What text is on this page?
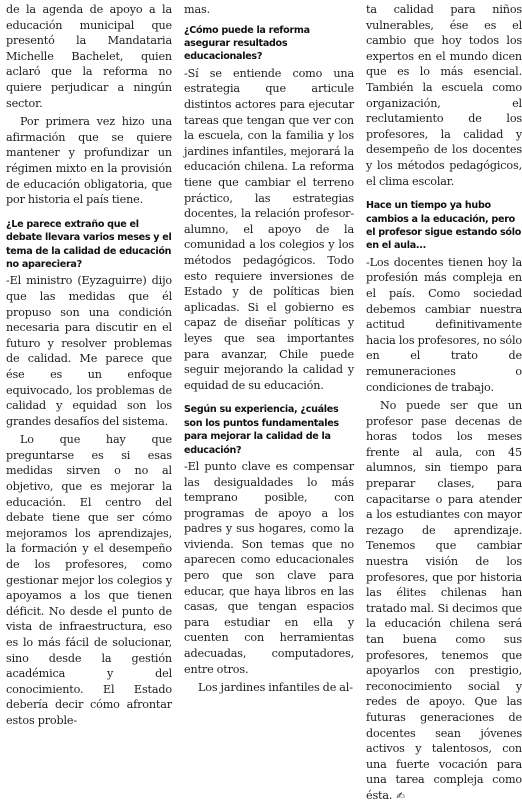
de la agenda de apoyo a la educación municipal que presentó la Mandataria Michelle Bachelet, quien aclaró que la reforma no quiere perjudicar a ningún sector.

Por primera vez hizo una afirmación que se quiere mantener y profundizar un régimen mixto en la provisión de educación obligatoria, que por historia el país tiene.

¿Le parece extraño que el debate llevara varios meses y el tema de la calidad de educación no apareciera?

-El ministro (Eyzaguirre) dijo que las medidas que él propuso son una condición necesaria para discutir en el futuro y resolver problemas de calidad. Me parece que ése es un enfoque equivocado, los problemas de calidad y equidad son los grandes desafíos del sistema.

Lo que hay que preguntarse es si esas medidas sirven o no al objetivo, que es mejorar la educación. El centro del debate tiene que ser cómo mejoramos los aprendizajes, la formación y el desempeño de los profesores, como gestionar mejor los colegios y apoyamos a los que tienen déficit. No desde el punto de vista de infraestructura, eso es lo más fácil de solucionar, sino desde la gestión académica y del conocimiento. El Estado debería decir cómo afrontar estos proble-

mas.

¿Cómo puede la reforma asegurar resultados educacionales?

-Sí se entiende como una estrategia que articule distintos actores para ejecutar tareas que tengan que ver con la escuela, con la familia y los jardines infantiles, mejorará la educación chilena. La reforma tiene que cambiar el terreno práctico, las estrategias docentes, la relación profesor-alumno, el apoyo de la comunidad a los colegios y los métodos pedagógicos. Todo esto requiere inversiones de Estado y de políticas bien aplicadas. Si el gobierno es capaz de diseñar políticas y leyes que sea importantes para avanzar, Chile puede seguir mejorando la calidad y equidad de su educación.

Según su experiencia, ¿cuáles son los puntos fundamentales para mejorar la calidad de la educación?

-El punto clave es compensar las desigualdades lo más temprano posible, con programas de apoyo a los padres y sus hogares, como la vivienda. Son temas que no aparecen como educacionales pero que son clave para educar, que haya libros en las casas, que tengan espacios para estudiar en ella y cuenten con herramientas adecuadas, computadores, entre otros.

Los jardines infantiles de al-

ta calidad para niños vulnerables, ése es el cambio que hoy todos los expertos en el mundo dicen que es lo más esencial. También la escuela como organización, el reclutamiento de los profesores, la calidad y desempeño de los docentes y los métodos pedagógicos, el clima escolar.

Hace un tiempo ya hubo cambios a la educación, pero el profesor sigue estando sólo en el aula...

-Los docentes tienen hoy la profesión más compleja en el país. Como sociedad debemos cambiar nuestra actitud definitivamente hacia los profesores, no sólo en el trato de remuneraciones o condiciones de trabajo.

No puede ser que un profesor pase decenas de horas todos los meses frente al aula, con 45 alumnos, sin tiempo para preparar clases, para capacitarse o para atender a los estudiantes con mayor rezago de aprendizaje. Tenemos que cambiar nuestra visión de los profesores, que por historia las élites chilenas han tratado mal. Si decimos que la educación chilena será tan buena como sus profesores, tenemos que apoyarlos con prestigio, reconocimiento social y redes de apoyo. Que las futuras generaciones de docentes sean jóvenes activos y talentosos, con una fuerte vocación para una tarea compleja como ésta. ✍
